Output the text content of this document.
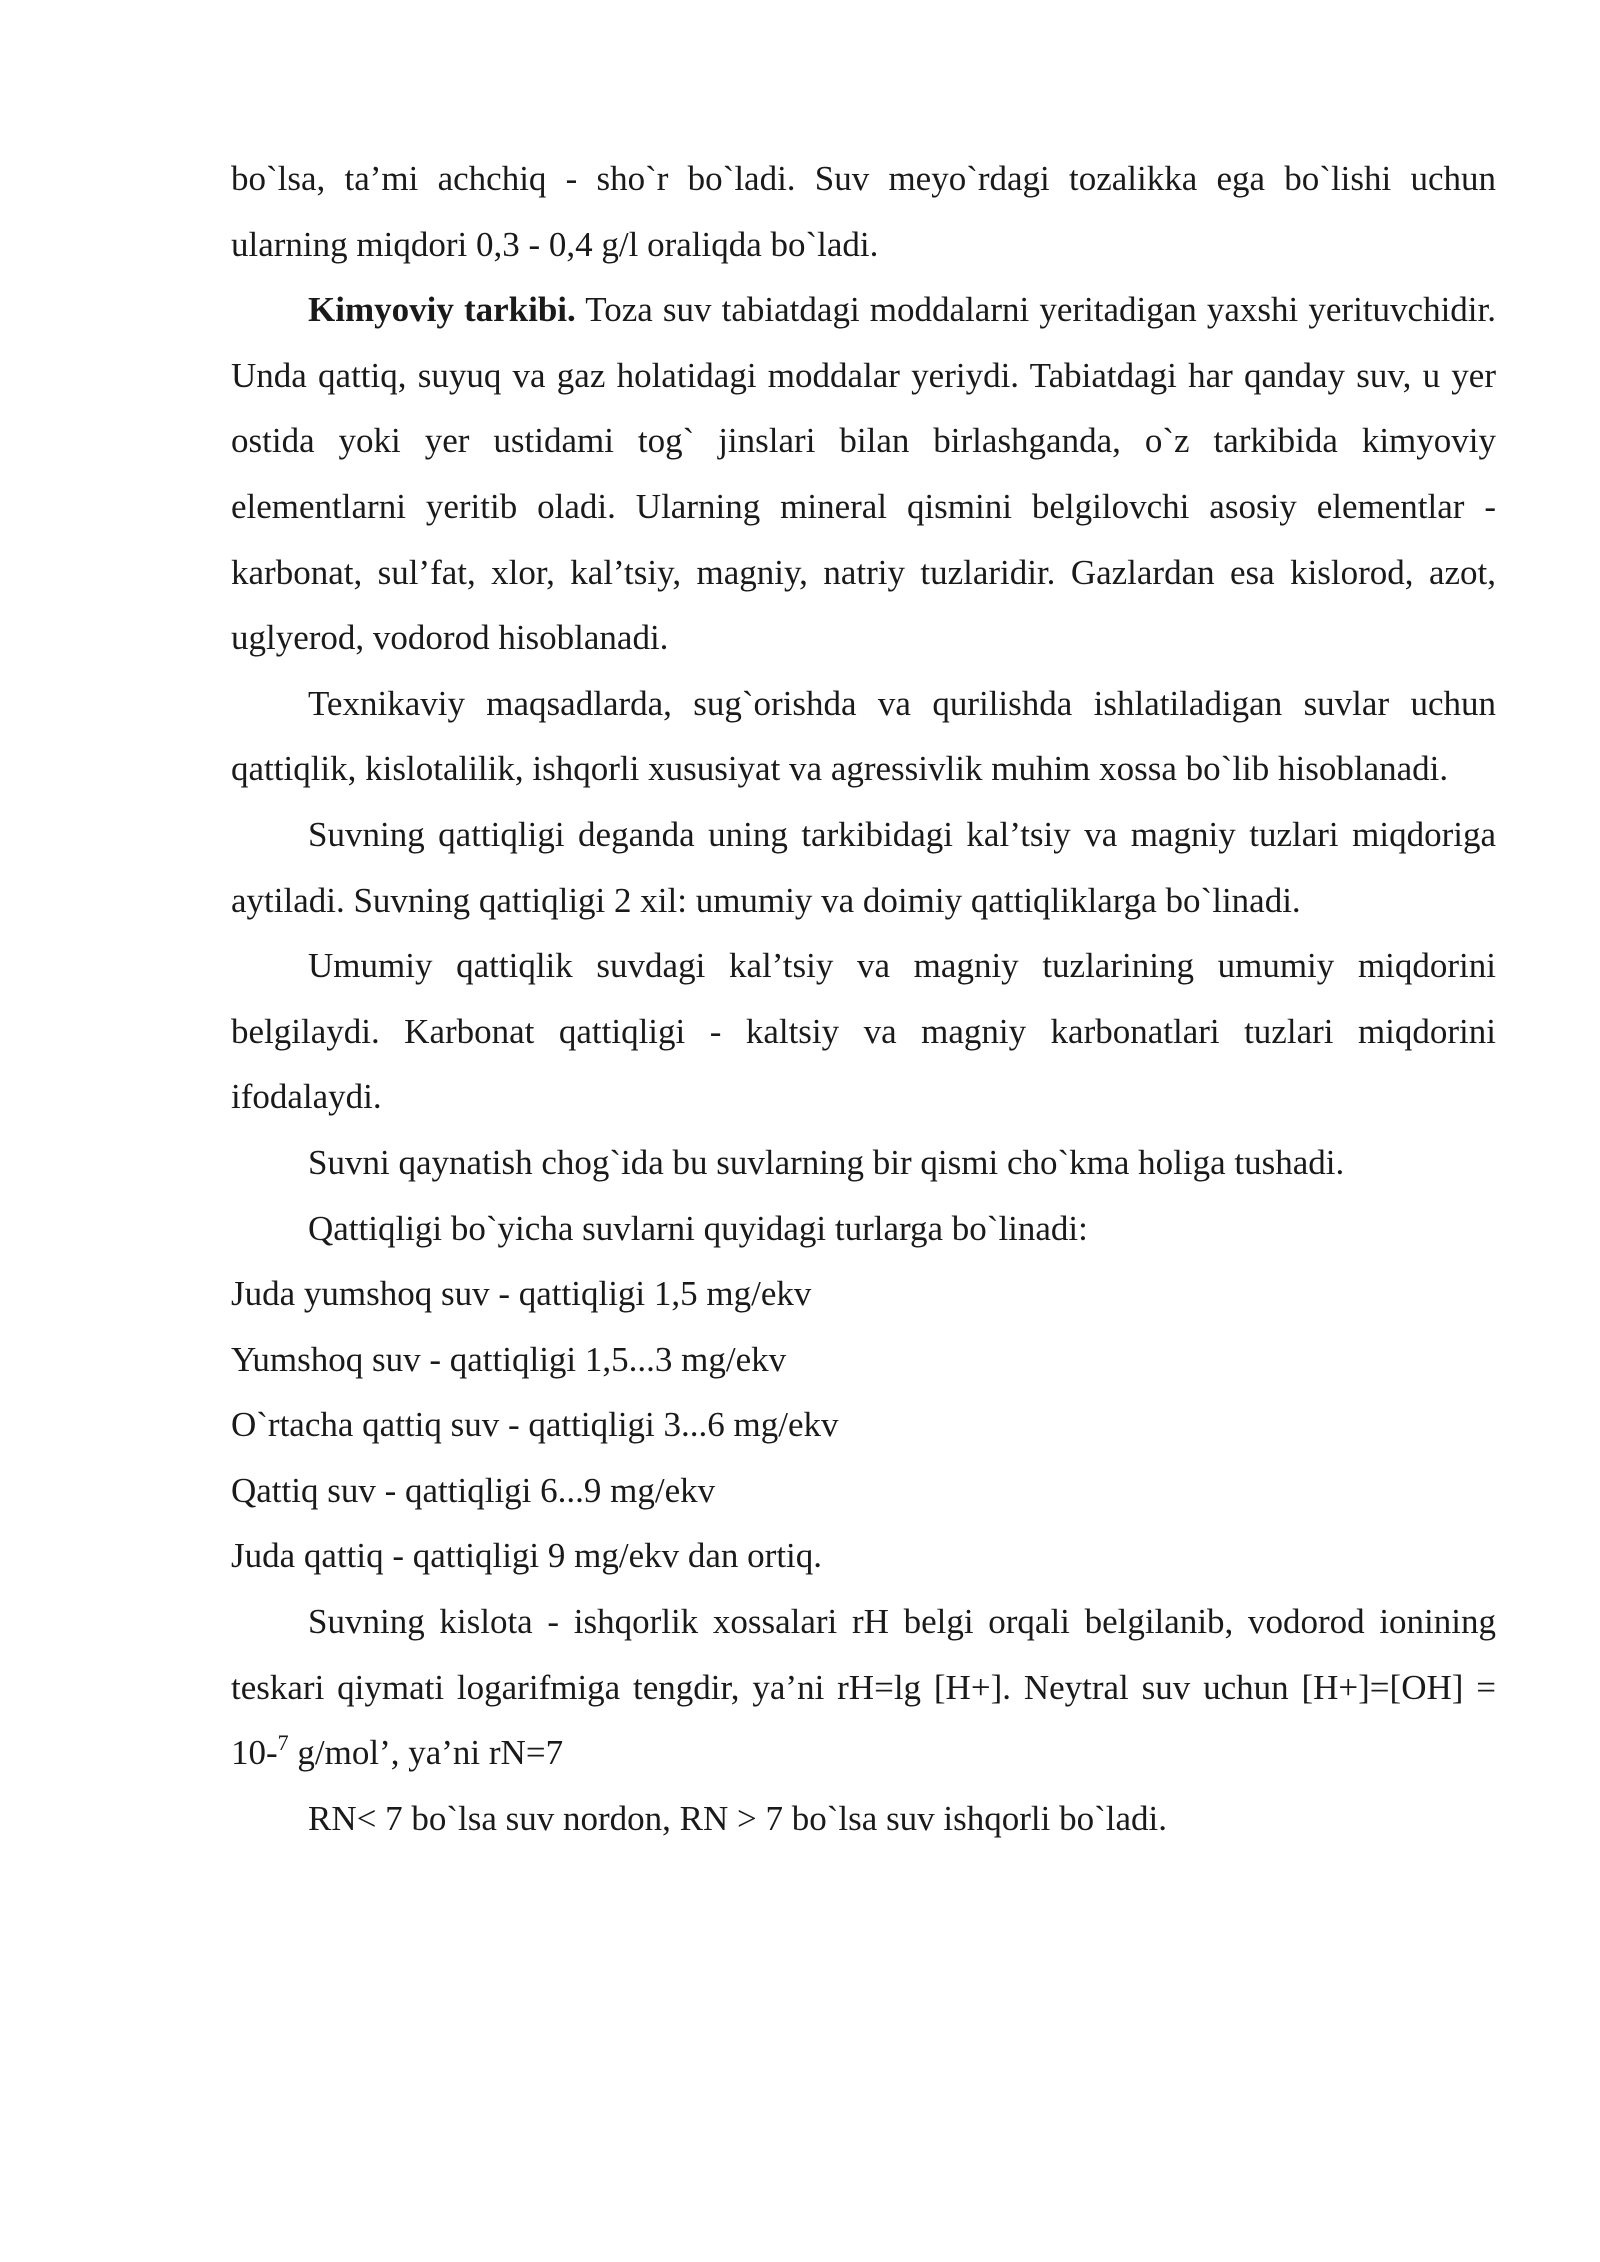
bo`lsa, ta’mi achchiq - sho`r bo`ladi. Suv meyo`rdagi tozalikka ega bo`lishi uchun ularning miqdori 0,3 - 0,4 g/l oraliqda bo`ladi.

Kimyoviy tarkibi. Toza suv tabiatdagi moddalarni yeritadigan yaxshi yerituvchidir. Unda qattiq, suyuq va gaz holatidagi moddalar yeriydi. Tabiatdagi har qanday suv, u yer ostida yoki yer ustidami tog` jinslari bilan birlashganda, o`z tarkibida kimyoviy elementlarni yeritib oladi. Ularning mineral qismini belgilovchi asosiy elementlar - karbonat, sul’fat, xlor, kal’tsiy, magniy, natriy tuzlaridir. Gazlardan esa kislorod, azot, uglyerod, vodorod hisoblanadi.

Texnikaviy maqsadlarda, sug`orishda va qurilishda ishlatiladigan suvlar uchun qattiqlik, kislotalilik, ishqorli xususiyat va agressivlik muhim xossa bo`lib hisoblanadi.

Suvning qattiqligi deganda uning tarkibidagi kal’tsiy va magniy tuzlari miqdoriga aytiladi. Suvning qattiqligi 2 xil: umumiy va doimiy qattiqliklarga bo`linadi.

Umumiy qattiqlik suvdagi kal’tsiy va magniy tuzlarining umumiy miqdorini belgilaydi. Karbonat qattiqligi - kaltsiy va magniy karbonatlari tuzlari miqdorini ifodalaydi.

Suvni qaynatish chog`ida bu suvlarning bir qismi cho`kma holiga tushadi.

Qattiqligi bo`yicha suvlarni quyidagi turlarga bo`linadi:

Juda yumshoq suv - qattiqligi 1,5 mg/ekv

Yumshoq suv - qattiqligi 1,5...3 mg/ekv

O`rtacha qattiq suv - qattiqligi 3...6 mg/ekv

Qattiq suv - qattiqligi 6...9 mg/ekv

Juda qattiq - qattiqligi 9 mg/ekv dan ortiq.

Suvning kislota - ishqorlik xossalari rH belgi orqali belgilanib, vodorod ionining teskari qiymati logarifmiga tengdir, ya’ni rH=lg [H+]. Neytral suv uchun [H+]=[OH] = 10-$^7$ g/mol’, ya’ni rN=7

RN< 7 bo`lsa suv nordon, RN > 7 bo`lsa suv ishqorli bo`ladi.
